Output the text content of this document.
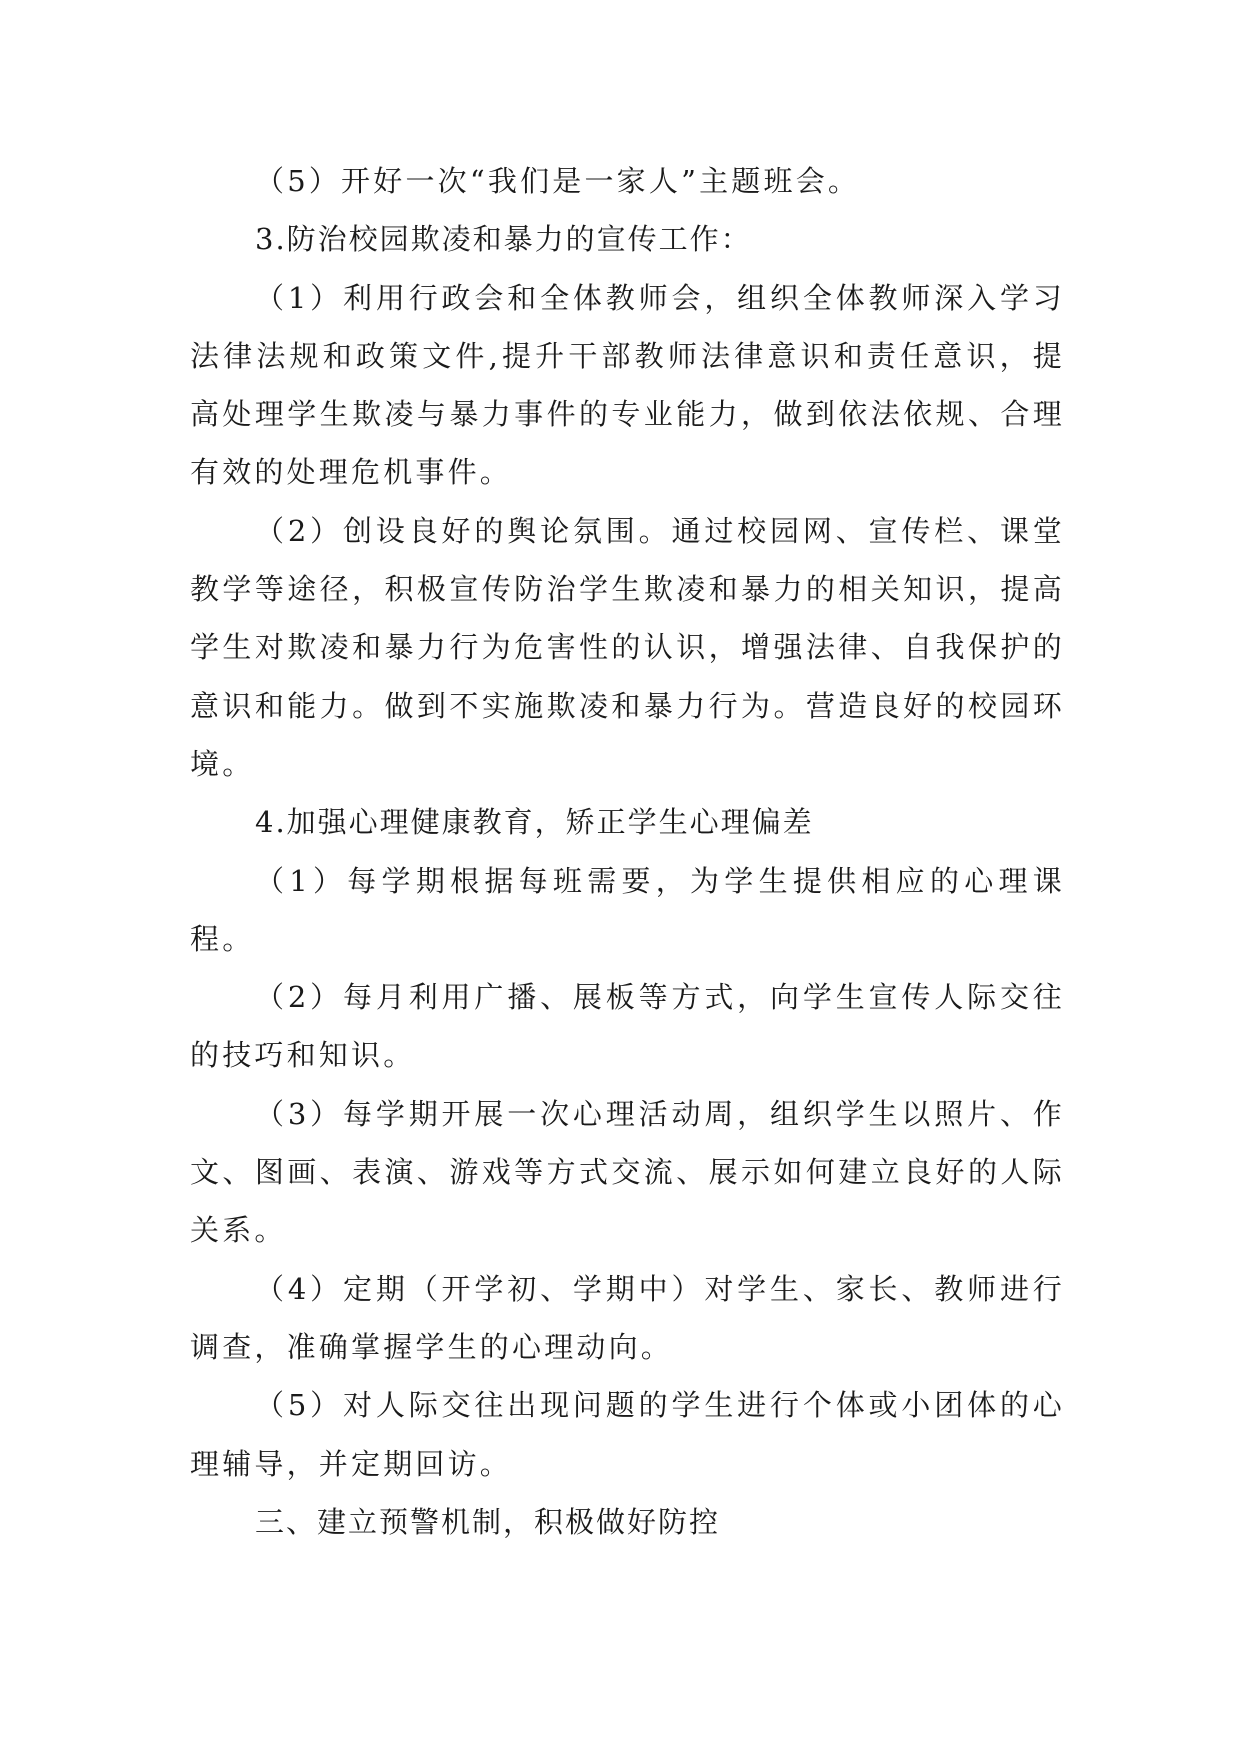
（5）开好一次“我们是一家人”主题班会。

3.防治校园欺凌和暴力的宣传工作：

（1）利用行政会和全体教师会，组织全体教师深入学习法律法规和政策文件,提升干部教师法律意识和责任意识，提高处理学生欺凌与暴力事件的专业能力，做到依法依规、合理有效的处理危机事件。

（2）创设良好的舆论氛围。通过校园网、宣传栏、课堂教学等途径，积极宣传防治学生欺凌和暴力的相关知识，提高学生对欺凌和暴力行为危害性的认识，增强法律、自我保护的意识和能力。做到不实施欺凌和暴力行为。营造良好的校园环境。

4.加强心理健康教育，矫正学生心理偏差

（1）每学期根据每班需要，为学生提供相应的心理课程。

（2）每月利用广播、展板等方式，向学生宣传人际交往的技巧和知识。

（3）每学期开展一次心理活动周，组织学生以照片、作文、图画、表演、游戏等方式交流、展示如何建立良好的人际关系。

（4）定期（开学初、学期中）对学生、家长、教师进行调查，准确掌握学生的心理动向。

（5）对人际交往出现问题的学生进行个体或小团体的心理辅导，并定期回访。

三、建立预警机制，积极做好防控
